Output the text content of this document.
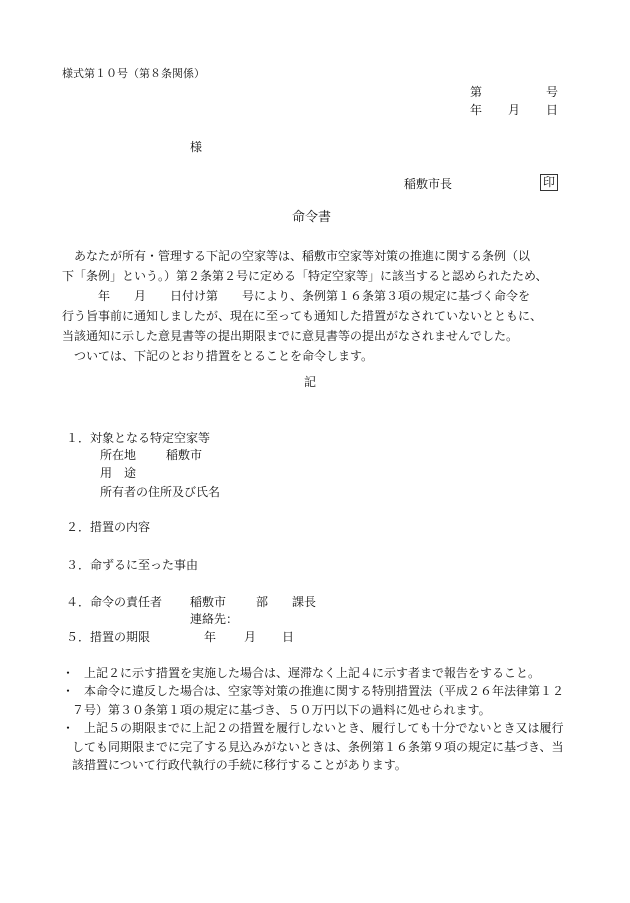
様式第１０号（第８条関係）
第	号
年 月 日
様
稲敷市長	印
命令書

あなたが所有・管理する下記の空家等は、稲敷市空家等対策の推進に関する条例（以

下「条例」という。）第２条第２号に定める「特定空家等」に該当すると認められたため、

　　　年　　月　　日付け第　　号により、条例第１６条第３項の規定に基づく命令を

行う旨事前に通知しましたが、現在に至っても通知した措置がなされていないとともに、

当該通知に示した意見書等の提出期限までに意見書等の提出がなされませんでした。

ついては、下記のとおり措置をとることを命令します。

記
１．対象となる特定空家等
所在地 稲敷市
用　途
所有者の住所及び氏名
２．措置の内容
３．命ずるに至った事由
４．命令の責任者 稲敷市 部 課長
連絡先：
５．措置の期限	年 月 日
・ 上記２に示す措置を実施した場合は、遅滞なく上記４に示す者まで報告をすること。
・ 本命令に違反した場合は、空家等対策の推進に関する特別措置法（平成２６年法律第１２７号）第３０条第１項の規定に基づき、５０万円以下の過料に処せられます。
・ 上記５の期限までに上記２の措置を履行しないとき、履行しても十分でないとき又は履行しても同期限までに完了する見込みがないときは、条例第１６条第９項の規定に基づき、当該措置について行政代執行の手続に移行することがあります。
